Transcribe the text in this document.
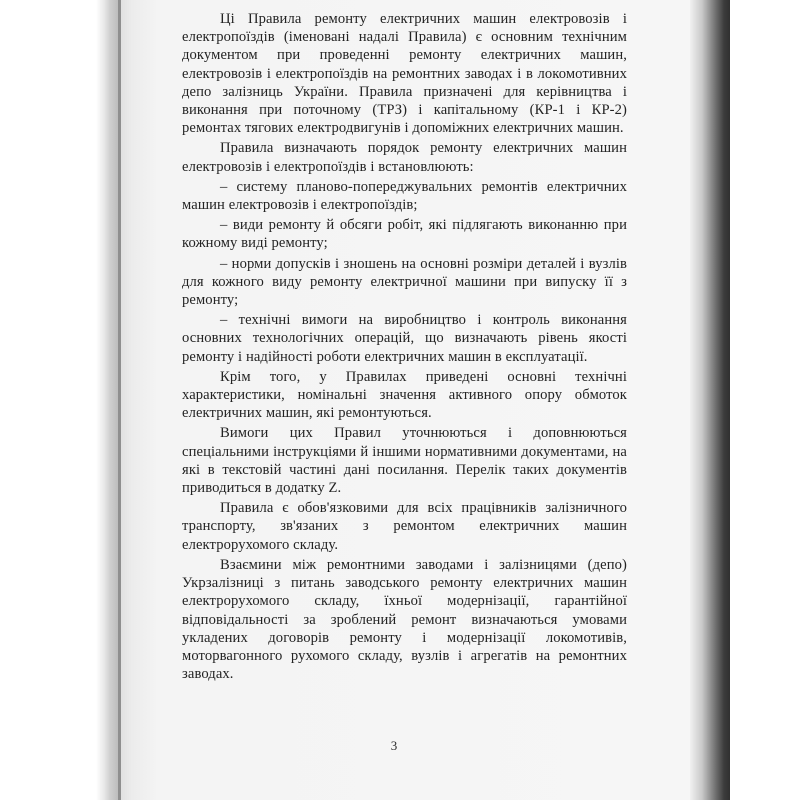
Ці Правила ремонту електричних машин електровозів і електропоїздів (іменовані надалі Правила) є основним технічним документом при проведенні ремонту електричних машин, електровозів і електропоїздів на ремонтних заводах і в локомотивних депо залізниць України. Правила призначені для керівництва і виконання при поточному (ТРЗ) і капітальному (КР-1 і КР-2) ремонтах тягових електродвигунів і допоміжних електричних машин.

Правила визначають порядок ремонту електричних машин електровозів і електропоїздів і встановлюють:

– систему планово-попереджувальних ремонтів електричних машин електровозів і електропоїздів;

– види ремонту й обсяги робіт, які підлягають виконанню при кожному виді ремонту;

– норми допусків і зношень на основні розміри деталей і вузлів для кожного виду ремонту електричної машини при випуску її з ремонту;

– технічні вимоги на виробництво і контроль виконання основних технологічних операцій, що визначають рівень якості ремонту і надійності роботи електричних машин в експлуатації.

Крім того, у Правилах приведені основні технічні характеристики, номінальні значення активного опору обмоток електричних машин, які ремонтуються.

Вимоги цих Правил уточнюються і доповнюються спеціальними інструкціями й іншими нормативними документами, на які в текстовій частині дані посилання. Перелік таких документів приводиться в додатку Z.

Правила є обов'язковими для всіх працівників залізничного транспорту, зв'язаних з ремонтом електричних машин електрорухомого складу.

Взаємини між ремонтними заводами і залізницями (депо) Укрзалізниці з питань заводського ремонту електричних машин електрорухомого складу, їхньої модернізації, гарантійної відповідальності за зроблений ремонт визначаються умовами укладених договорів ремонту і модернізації локомотивів, моторвагонного рухомого складу, вузлів і агрегатів на ремонтних заводах.

3
